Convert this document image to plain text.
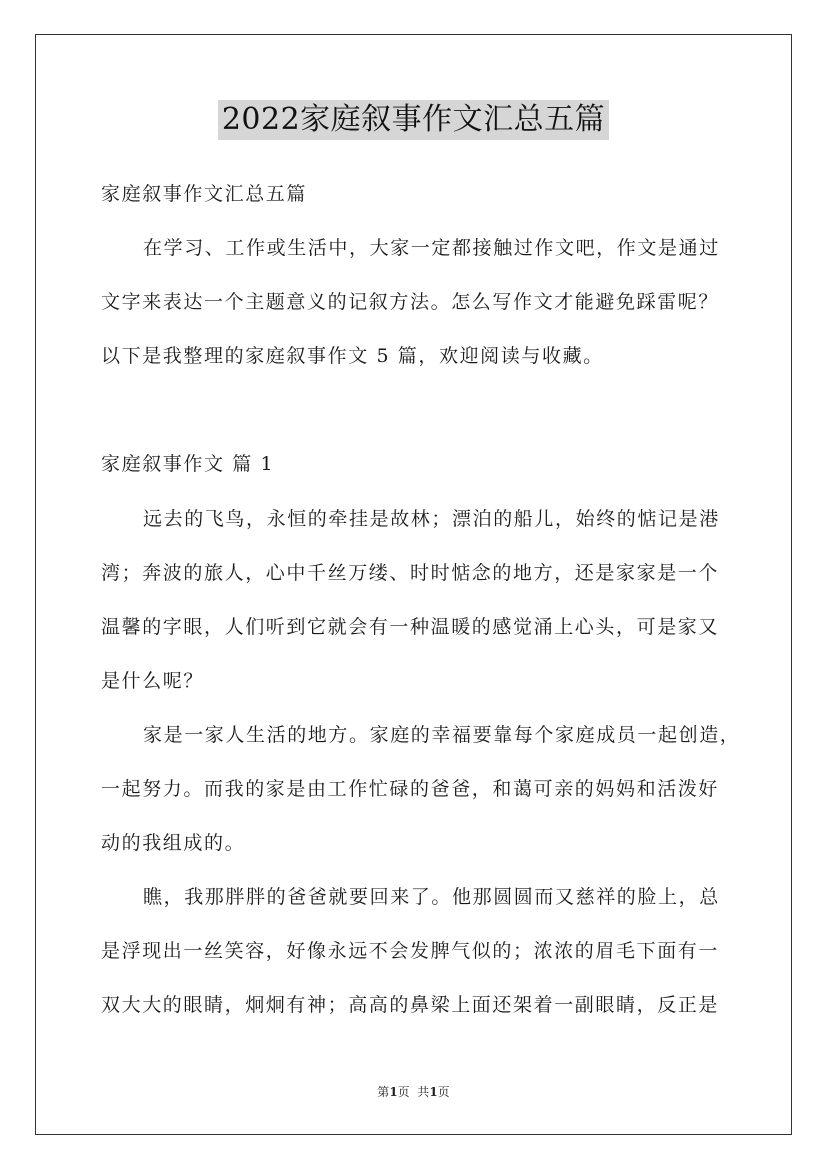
2022家庭叙事作文汇总五篇
家庭叙事作文汇总五篇
在学习、工作或生活中，大家一定都接触过作文吧，作文是通过
文字来表达一个主题意义的记叙方法。怎么写作文才能避免踩雷呢？
以下是我整理的家庭叙事作文 5 篇，欢迎阅读与收藏。
家庭叙事作文 篇 1
远去的飞鸟，永恒的牵挂是故林；漂泊的船儿，始终的惦记是港
湾；奔波的旅人，心中千丝万缕、时时惦念的地方，还是家家是一个
温馨的字眼，人们听到它就会有一种温暖的感觉涌上心头，可是家又
是什么呢？
家是一家人生活的地方。家庭的幸福要靠每个家庭成员一起创造，
一起努力。而我的家是由工作忙碌的爸爸，和蔼可亲的妈妈和活泼好
动的我组成的。
瞧，我那胖胖的爸爸就要回来了。他那圆圆而又慈祥的脸上，总
是浮现出一丝笑容，好像永远不会发脾气似的；浓浓的眉毛下面有一
双大大的眼睛，炯炯有神；高高的鼻梁上面还架着一副眼睛，反正是
第1页  共1页
